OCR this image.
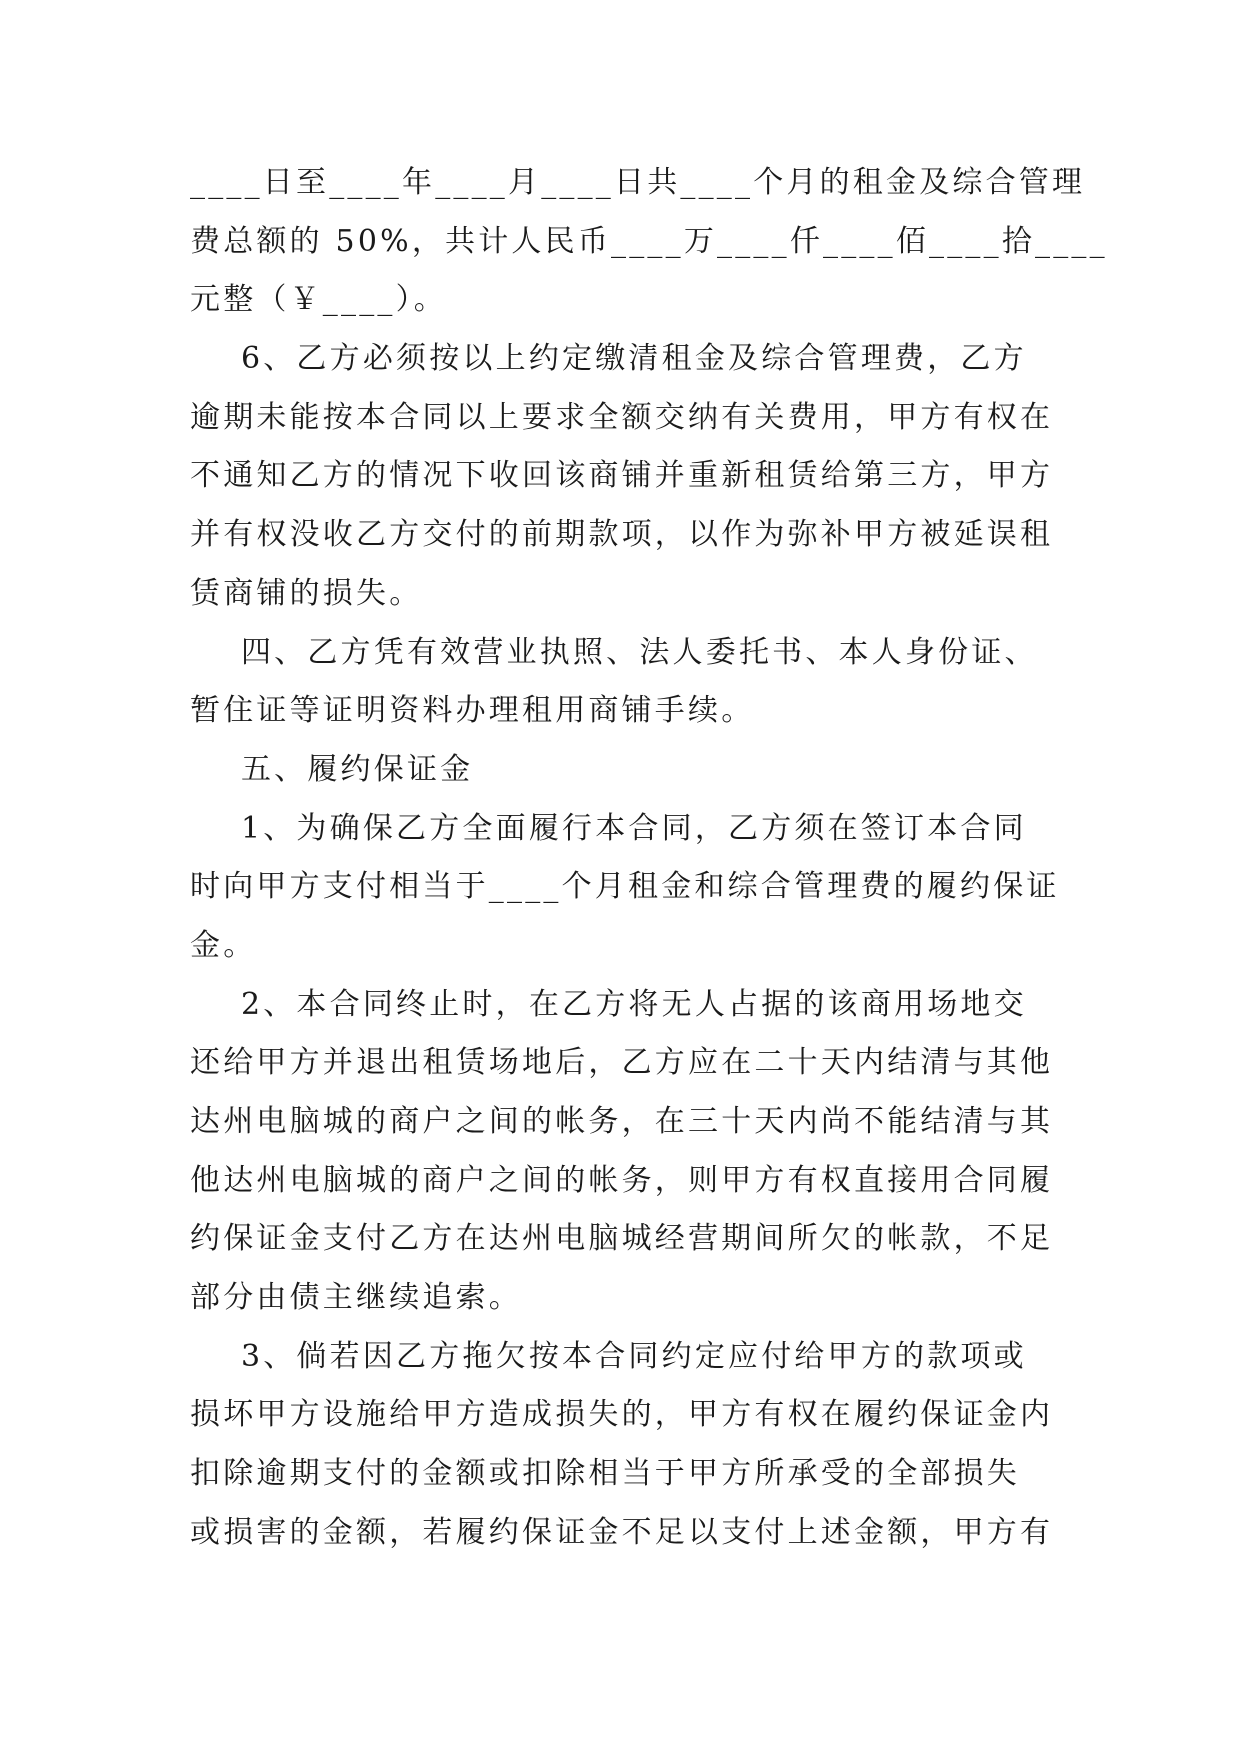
____日至____年____月____日共____个月的租金及综合管理
费总额的 50%，共计人民币____万____仟____佰____拾____
元整（￥____）。
6、乙方必须按以上约定缴清租金及综合管理费，乙方
逾期未能按本合同以上要求全额交纳有关费用，甲方有权在
不通知乙方的情况下收回该商铺并重新租赁给第三方，甲方
并有权没收乙方交付的前期款项，以作为弥补甲方被延误租
赁商铺的损失。
四、乙方凭有效营业执照、法人委托书、本人身份证、
暂住证等证明资料办理租用商铺手续。
五、履约保证金
1、为确保乙方全面履行本合同，乙方须在签订本合同
时向甲方支付相当于____个月租金和综合管理费的履约保证
金。
2、本合同终止时，在乙方将无人占据的该商用场地交
还给甲方并退出租赁场地后，乙方应在二十天内结清与其他
达州电脑城的商户之间的帐务，在三十天内尚不能结清与其
他达州电脑城的商户之间的帐务，则甲方有权直接用合同履
约保证金支付乙方在达州电脑城经营期间所欠的帐款，不足
部分由债主继续追索。
3、倘若因乙方拖欠按本合同约定应付给甲方的款项或
损坏甲方设施给甲方造成损失的，甲方有权在履约保证金内
扣除逾期支付的金额或扣除相当于甲方所承受的全部损失
或损害的金额，若履约保证金不足以支付上述金额，甲方有
